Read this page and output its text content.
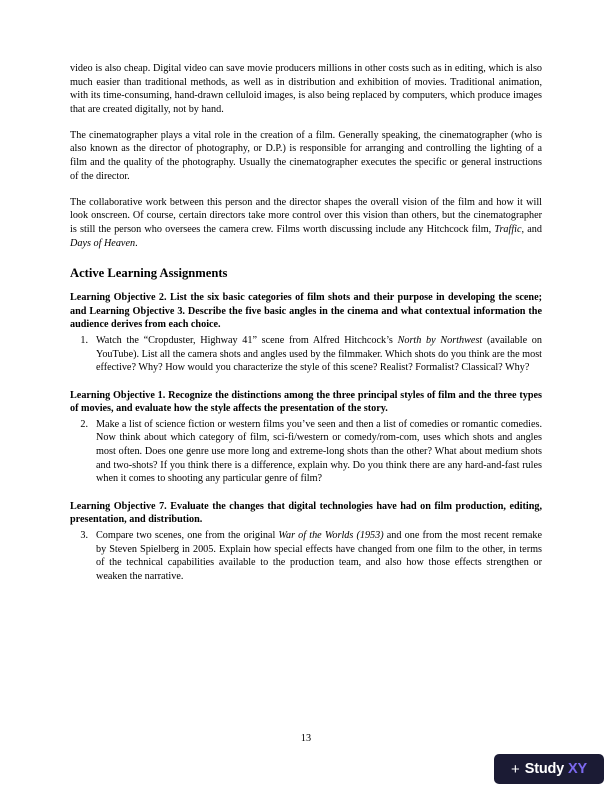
video is also cheap. Digital video can save movie producers millions in other costs such as in editing, which is also much easier than traditional methods, as well as in distribution and exhibition of movies. Traditional animation, with its time-consuming, hand-drawn celluloid images, is also being replaced by computers, which produce images that are created digitally, not by hand.

The cinematographer plays a vital role in the creation of a film. Generally speaking, the cinematographer (who is also known as the director of photography, or D.P.) is responsible for arranging and controlling the lighting of a film and the quality of the photography. Usually the cinematographer executes the specific or general instructions of the director.

The collaborative work between this person and the director shapes the overall vision of the film and how it will look onscreen. Of course, certain directors take more control over this vision than others, but the cinematographer is still the person who oversees the camera crew. Films worth discussing include any Hitchcock film, Traffic, and Days of Heaven.

Active Learning Assignments

Learning Objective 2. List the six basic categories of film shots and their purpose in developing the scene; and Learning Objective 3. Describe the five basic angles in the cinema and what contextual information the audience derives from each choice.

1. Watch the “Cropduster, Highway 41” scene from Alfred Hitchcock’s North by Northwest (available on YouTube). List all the camera shots and angles used by the filmmaker. Which shots do you think are the most effective? Why? How would you characterize the style of this scene? Realist? Formalist? Classical? Why?

Learning Objective 1. Recognize the distinctions among the three principal styles of film and the three types of movies, and evaluate how the style affects the presentation of the story.

2. Make a list of science fiction or western films you’ve seen and then a list of comedies or romantic comedies. Now think about which category of film, sci-fi/western or comedy/rom-com, uses which shots and angles most often. Does one genre use more long and extreme-long shots than the other? What about medium shots and two-shots? If you think there is a difference, explain why. Do you think there are any hard-and-fast rules when it comes to shooting any particular genre of film?

Learning Objective 7. Evaluate the changes that digital technologies have had on film production, editing, presentation, and distribution.

3. Compare two scenes, one from the original War of the Worlds (1953) and one from the most recent remake by Steven Spielberg in 2005. Explain how special effects have changed from one film to the other, in terms of the technical capabilities available to the production team, and also how those effects strengthen or weaken the narrative.
13
+ Study XY
